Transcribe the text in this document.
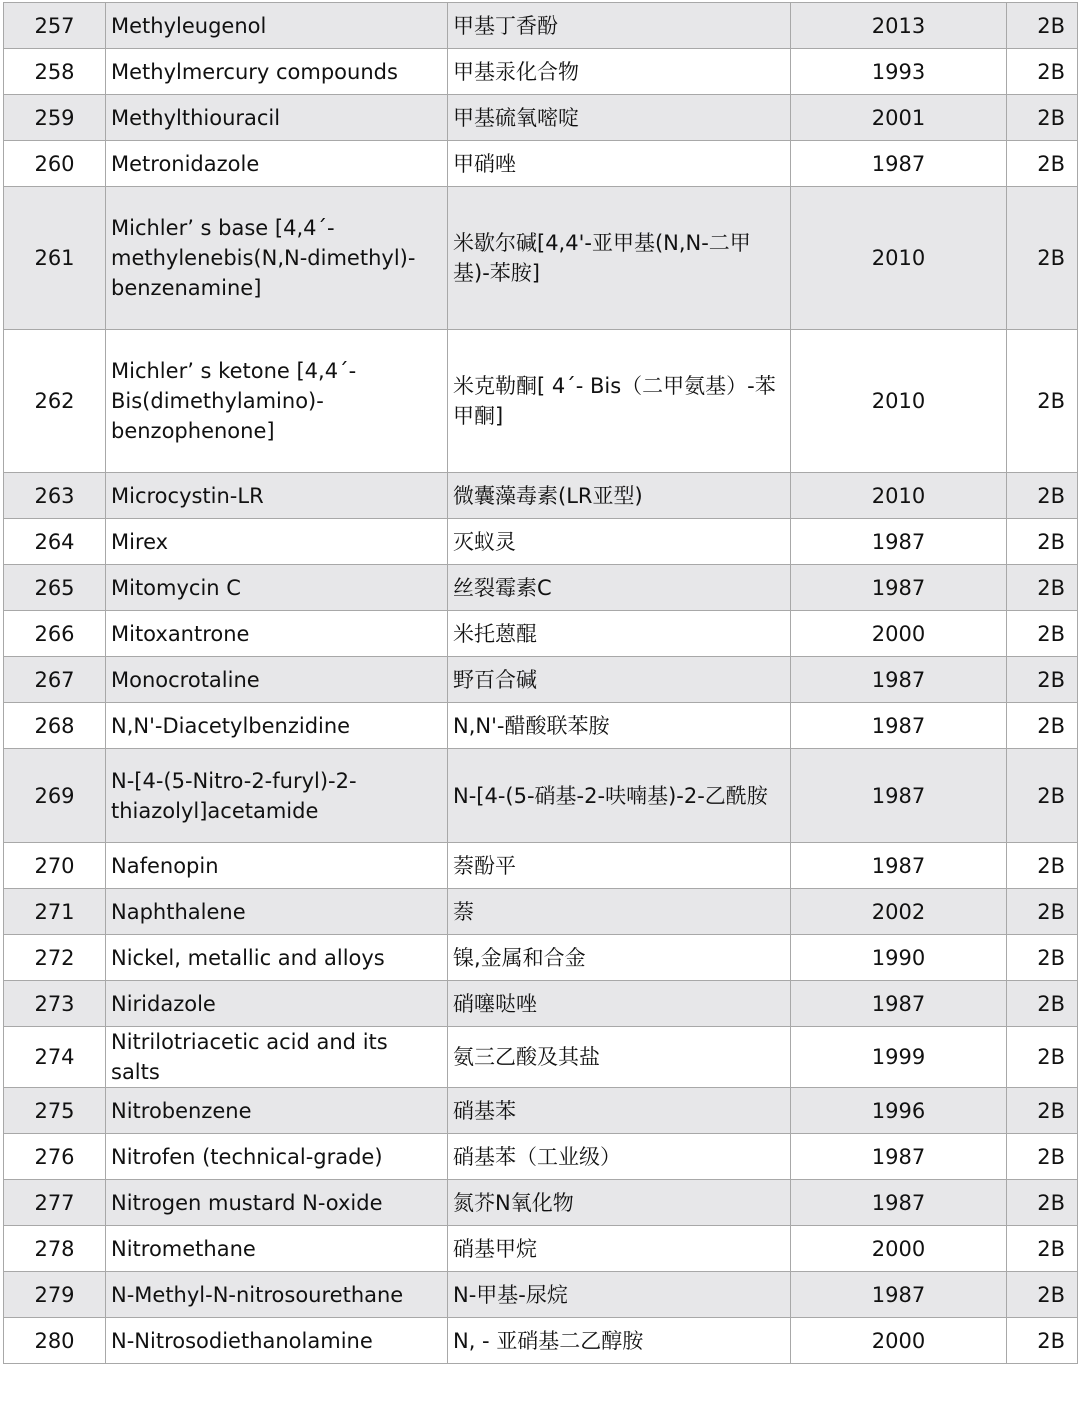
257	Methyleugenol	甲基丁香酚	2013	2B
258	Methylmercury compounds	甲基汞化合物	1993	2B
259	Methylthiouracil	甲基硫氧嘧啶	2001	2B
260	Metronidazole	甲硝唑	1987	2B
261	Michler’ s base [4,4´-methylenebis(N,N-dimethyl)-benzenamine]	米歇尔碱[4,4'-亚甲基(N,N-二甲基)-苯胺]	2010	2B
262	Michler’ s ketone [4,4´-Bis(dimethylamino)-benzophenone]	米克勒酮[ 4´- Bis（二甲氨基）-苯甲酮]	2010	2B
263	Microcystin-LR	微囊藻毒素(LR亚型)	2010	2B
264	Mirex	灭蚁灵	1987	2B
265	Mitomycin C	丝裂霉素C	1987	2B
266	Mitoxantrone	米托蒽醌	2000	2B
267	Monocrotaline	野百合碱	1987	2B
268	N,N'-Diacetylbenzidine	N,N'-醋酸联苯胺	1987	2B
269	N-[4-(5-Nitro-2-furyl)-2-thiazolyl]acetamide	N-[4-(5-硝基-2-呋喃基)-2-乙酰胺	1987	2B
270	Nafenopin	萘酚平	1987	2B
271	Naphthalene	萘	2002	2B
272	Nickel, metallic and alloys	镍,金属和合金	1990	2B
273	Niridazole	硝噻哒唑	1987	2B
274	Nitrilotriacetic acid and its salts	氨三乙酸及其盐	1999	2B
275	Nitrobenzene	硝基苯	1996	2B
276	Nitrofen (technical-grade)	硝基苯（工业级）	1987	2B
277	Nitrogen mustard N-oxide	氮芥N氧化物	1987	2B
278	Nitromethane	硝基甲烷	2000	2B
279	N-Methyl-N-nitrosourethane	N-甲基-尿烷	1987	2B
280	N-Nitrosodiethanolamine	N, - 亚硝基二乙醇胺	2000	2B
